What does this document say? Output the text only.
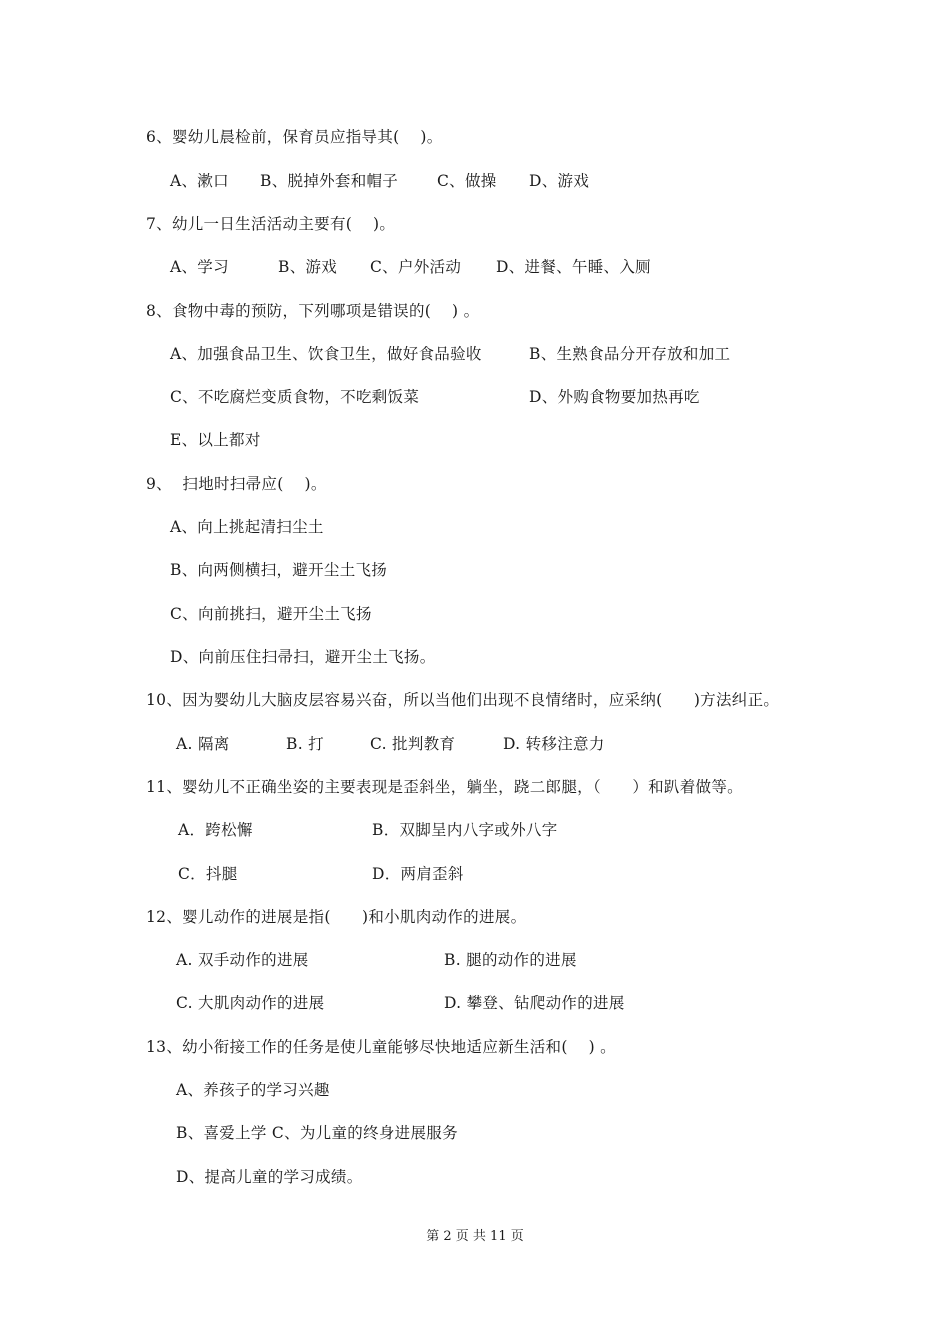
6、婴幼儿晨检前，保育员应指导其(    )。
A、漱口 B、脱掉外套和帽子	C、做操 D、游戏
7、幼儿一日生活活动主要有(    )。
A、学习	B、游戏 C、户外活动 D、进餐、午睡、入厕
8、食物中毒的预防，下列哪项是错误的(    ) 。
A、加强食品卫生、饮食卫生，做好食品验收	B、生熟食品分开存放和加工
C、不吃腐烂变质食物，不吃剩饭菜	D、外购食物要加热再吃
E、以上都对
9、  扫地时扫帚应(    )。
A、向上挑起清扫尘土
B、向两侧横扫，避开尘土飞扬
C、向前挑扫，避开尘土飞扬
D、向前压住扫帚扫，避开尘土飞扬。
10、因为婴幼儿大脑皮层容易兴奋，所以当他们出现不良情绪时，应采纳(      )方法纠正。
A. 隔离	B. 打	C. 批判教育	D. 转移注意力
11、婴幼儿不正确坐姿的主要表现是歪斜坐，躺坐，跷二郎腿，（      ）和趴着做等。
A．跨松懈	B．双脚呈内八字或外八字
C．抖腿	D．两肩歪斜
12、婴儿动作的进展是指(      )和小肌肉动作的进展。
A. 双手动作的进展	B. 腿的动作的进展
C. 大肌肉动作的进展	D. 攀登、钻爬动作的进展
13、幼小衔接工作的任务是使儿童能够尽快地适应新生活和(    ) 。
A、养孩子的学习兴趣
B、喜爱上学 C、为儿童的终身进展服务
D、提高儿童的学习成绩。
第 2 页 共 11 页
